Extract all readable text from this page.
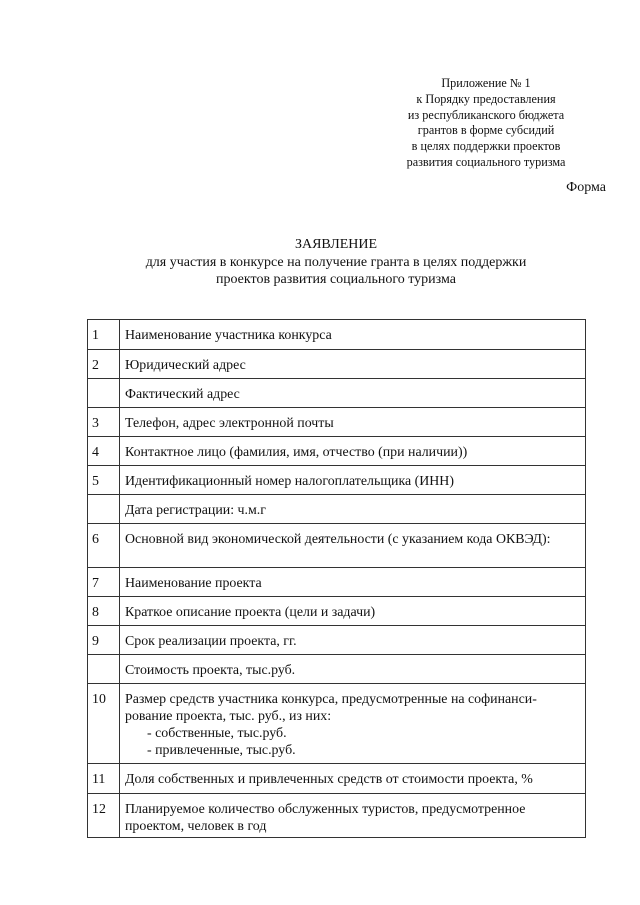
Приложение № 1
к Порядку предоставления
из республиканского бюджета
грантов в форме субсидий
в целях поддержки проектов
развития социального туризма
Форма
ЗАЯВЛЕНИЕ
для участия в конкурсе на получение гранта в целях поддержки
проектов развития социального туризма
1	Наименование участника конкурса
2	Юридический адрес
	Фактический адрес
3	Телефон, адрес электронной почты
4	Контактное лицо (фамилия, имя, отчество (при наличии))
5	Идентификационный номер налогоплательщика (ИНН)
	Дата регистрации: ч.м.г
6	Основной вид экономической деятельности (с указанием кода ОКВЭД):
7	Наименование проекта
8	Краткое описание проекта (цели и задачи)
9	Срок реализации проекта, гг.
	Стоимость проекта, тыс.руб.
10	Размер средств участника конкурса, предусмотренные на софинанси-рование проекта, тыс. руб., из них:
- собственные, тыс.руб.
- привлеченные, тыс.руб.

11	Доля собственных и привлеченных средств от стоимости проекта, %
12	Планируемое количество обслуженных туристов, предусмотренное проектом, человек в год
